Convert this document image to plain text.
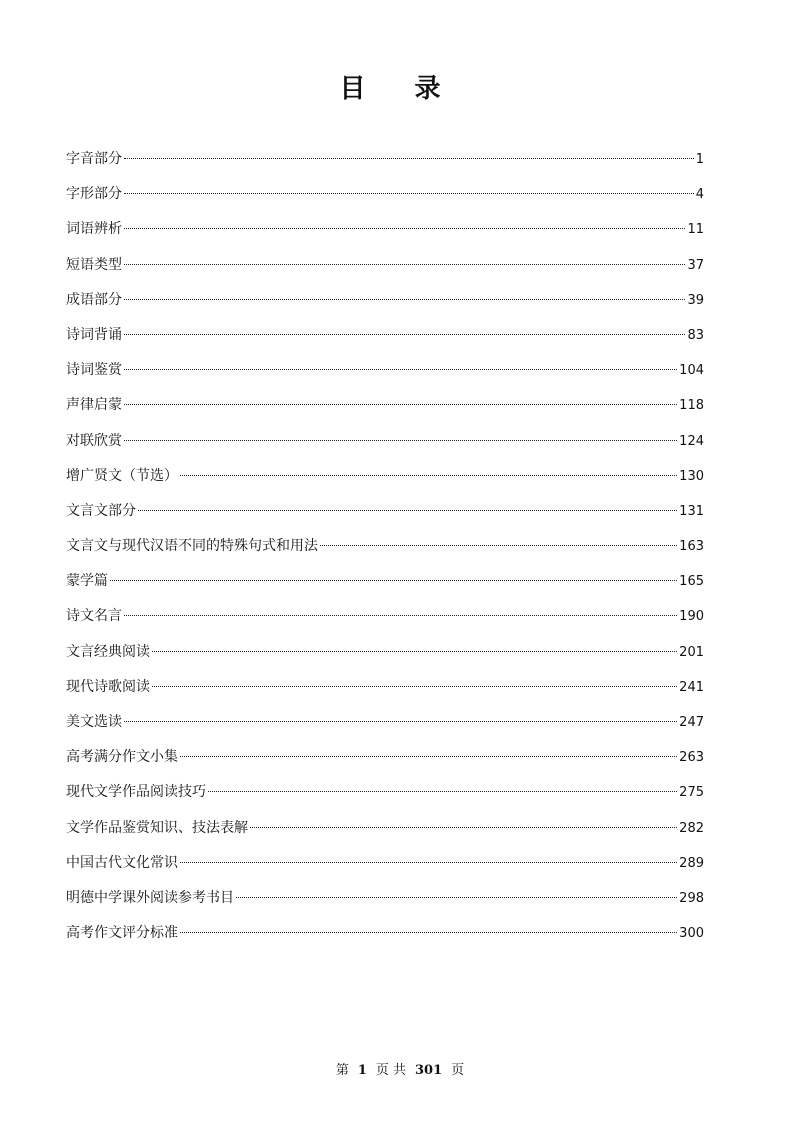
目 录
字音部分	1
字形部分	4
词语辨析	11
短语类型	37
成语部分	39
诗词背诵	83
诗词鉴赏	104
声律启蒙	118
对联欣赏	124
增广贤文（节选）	130
文言文部分	131
文言文与现代汉语不同的特殊句式和用法	163
蒙学篇	165
诗文名言	190
文言经典阅读	201
现代诗歌阅读	241
美文选读	247
高考满分作文小集	263
现代文学作品阅读技巧	275
文学作品鉴赏知识、技法表解	282
中国古代文化常识	289
明德中学课外阅读参考书目	298
高考作文评分标准	300
第 1 页 共 301 页
